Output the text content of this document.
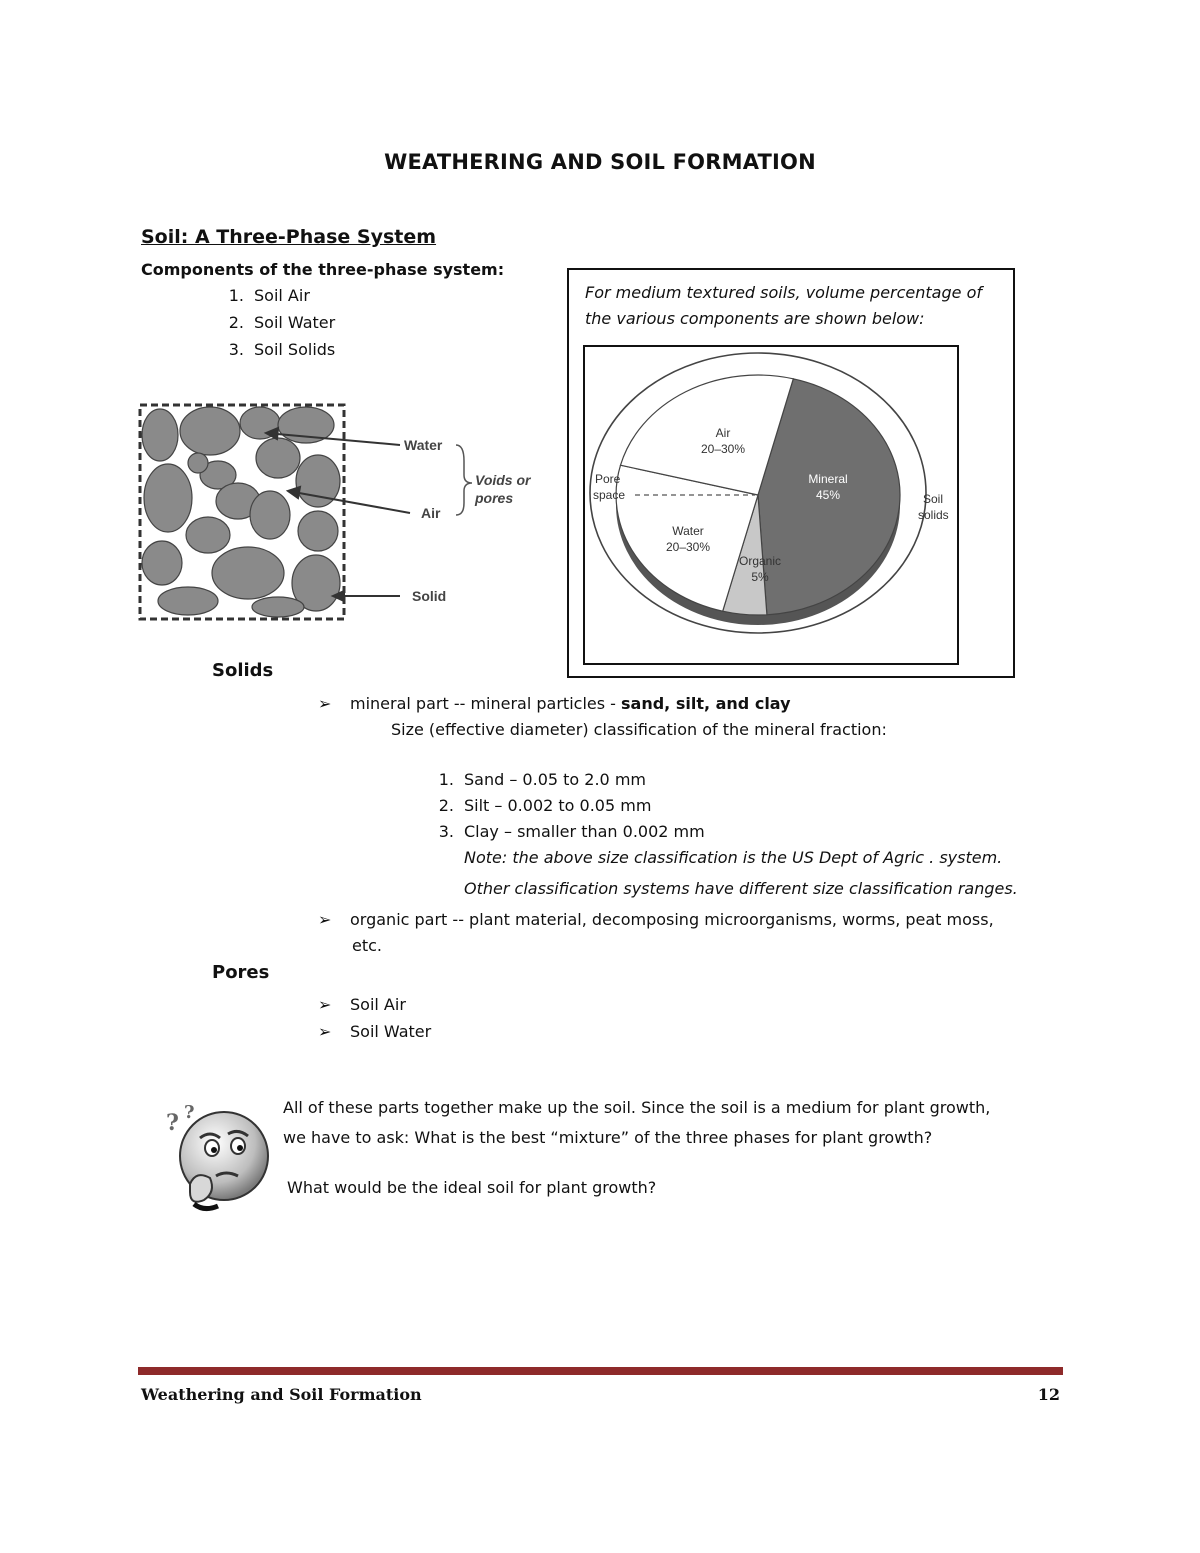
WEATHERING AND SOIL FORMATION
Soil: A Three-Phase System
Components of the three-phase system:
1. Soil Air
2. Soil Water
3. Soil Solids
Water
Air
Solid
Voids or
pores
For medium textured soils, volume percentage of the various components are shown below:
Pore
space	Soil
solids
Air
20–30%
Water
20–30%
Mineral
45%
Organic
5%
Solids
➢ mineral part -- mineral particles - sand, silt, and clay
Size (effective diameter) classification of the mineral fraction:
1. Sand – 0.05 to 2.0 mm
2. Silt – 0.002 to 0.05 mm
3. Clay – smaller than 0.002 mm
Note: the above size classification is the US Dept of Agric . system.
Other classification systems have different size classification ranges.
➢ organic part -- plant material, decomposing microorganisms, worms, peat moss,
etc.
Pores
➢ Soil Air
➢ Soil Water
? ?	All of these parts together make up the soil. Since the soil is a medium for plant growth,
we have to ask: What is the best “mixture” of the three phases for plant growth?
What would be the ideal soil for plant growth?
Weathering and Soil Formation	12
